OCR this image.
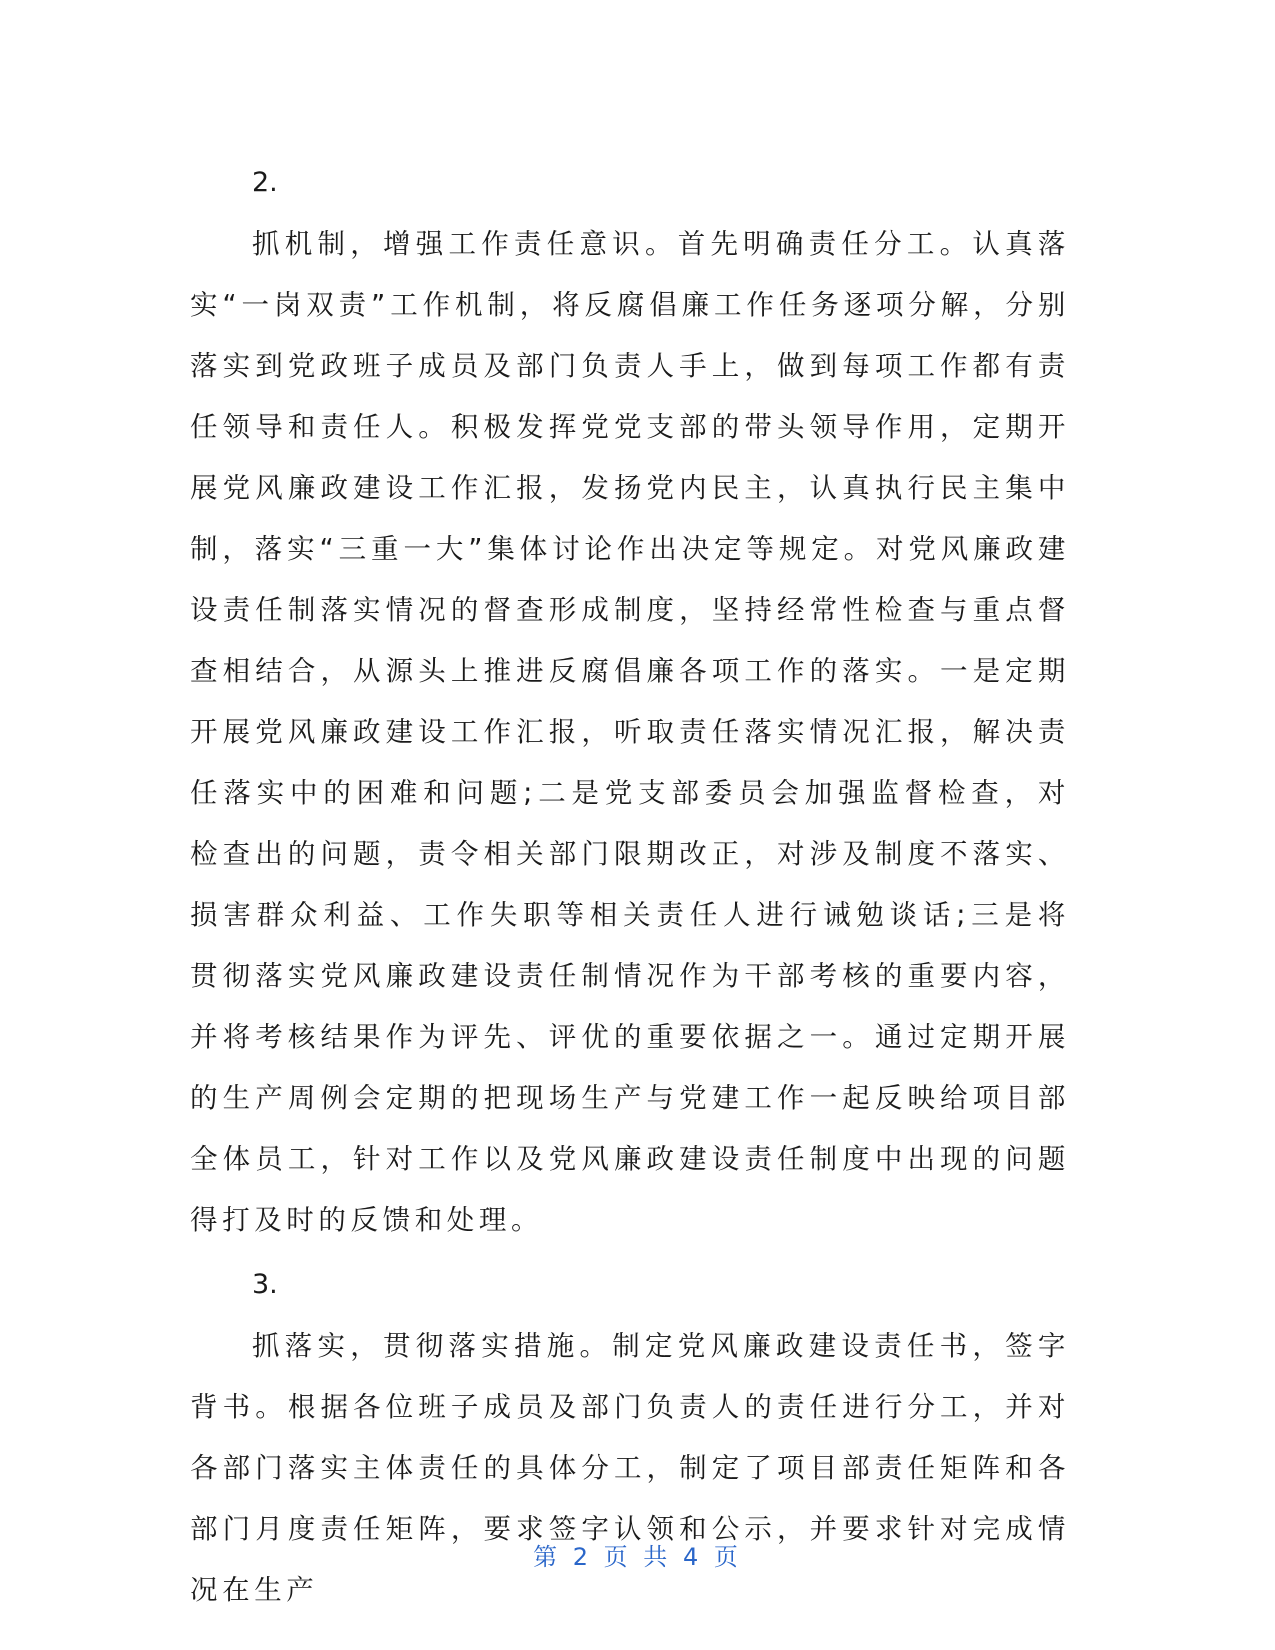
2.

抓机制，增强工作责任意识。首先明确责任分工。认真落实“一岗双责”工作机制，将反腐倡廉工作任务逐项分解，分别落实到党政班子成员及部门负责人手上，做到每项工作都有责任领导和责任人。积极发挥党党支部的带头领导作用，定期开展党风廉政建设工作汇报，发扬党内民主，认真执行民主集中制，落实“三重一大”集体讨论作出决定等规定。对党风廉政建设责任制落实情况的督查形成制度，坚持经常性检查与重点督查相结合，从源头上推进反腐倡廉各项工作的落实。一是定期开展党风廉政建设工作汇报，听取责任落实情况汇报，解决责任落实中的困难和问题;二是党支部委员会加强监督检查，对检查出的问题，责令相关部门限期改正，对涉及制度不落实、损害群众利益、工作失职等相关责任人进行诫勉谈话;三是将贯彻落实党风廉政建设责任制情况作为干部考核的重要内容，并将考核结果作为评先、评优的重要依据之一。通过定期开展的生产周例会定期的把现场生产与党建工作一起反映给项目部全体员工，针对工作以及党风廉政建设责任制度中出现的问题得打及时的反馈和处理。

3.

抓落实，贯彻落实措施。制定党风廉政建设责任书，签字背书。根据各位班子成员及部门负责人的责任进行分工，并对各部门落实主体责任的具体分工，制定了项目部责任矩阵和各部门月度责任矩阵，要求签字认领和公示，并要求针对完成情况在生产

第 2 页 共 4 页
